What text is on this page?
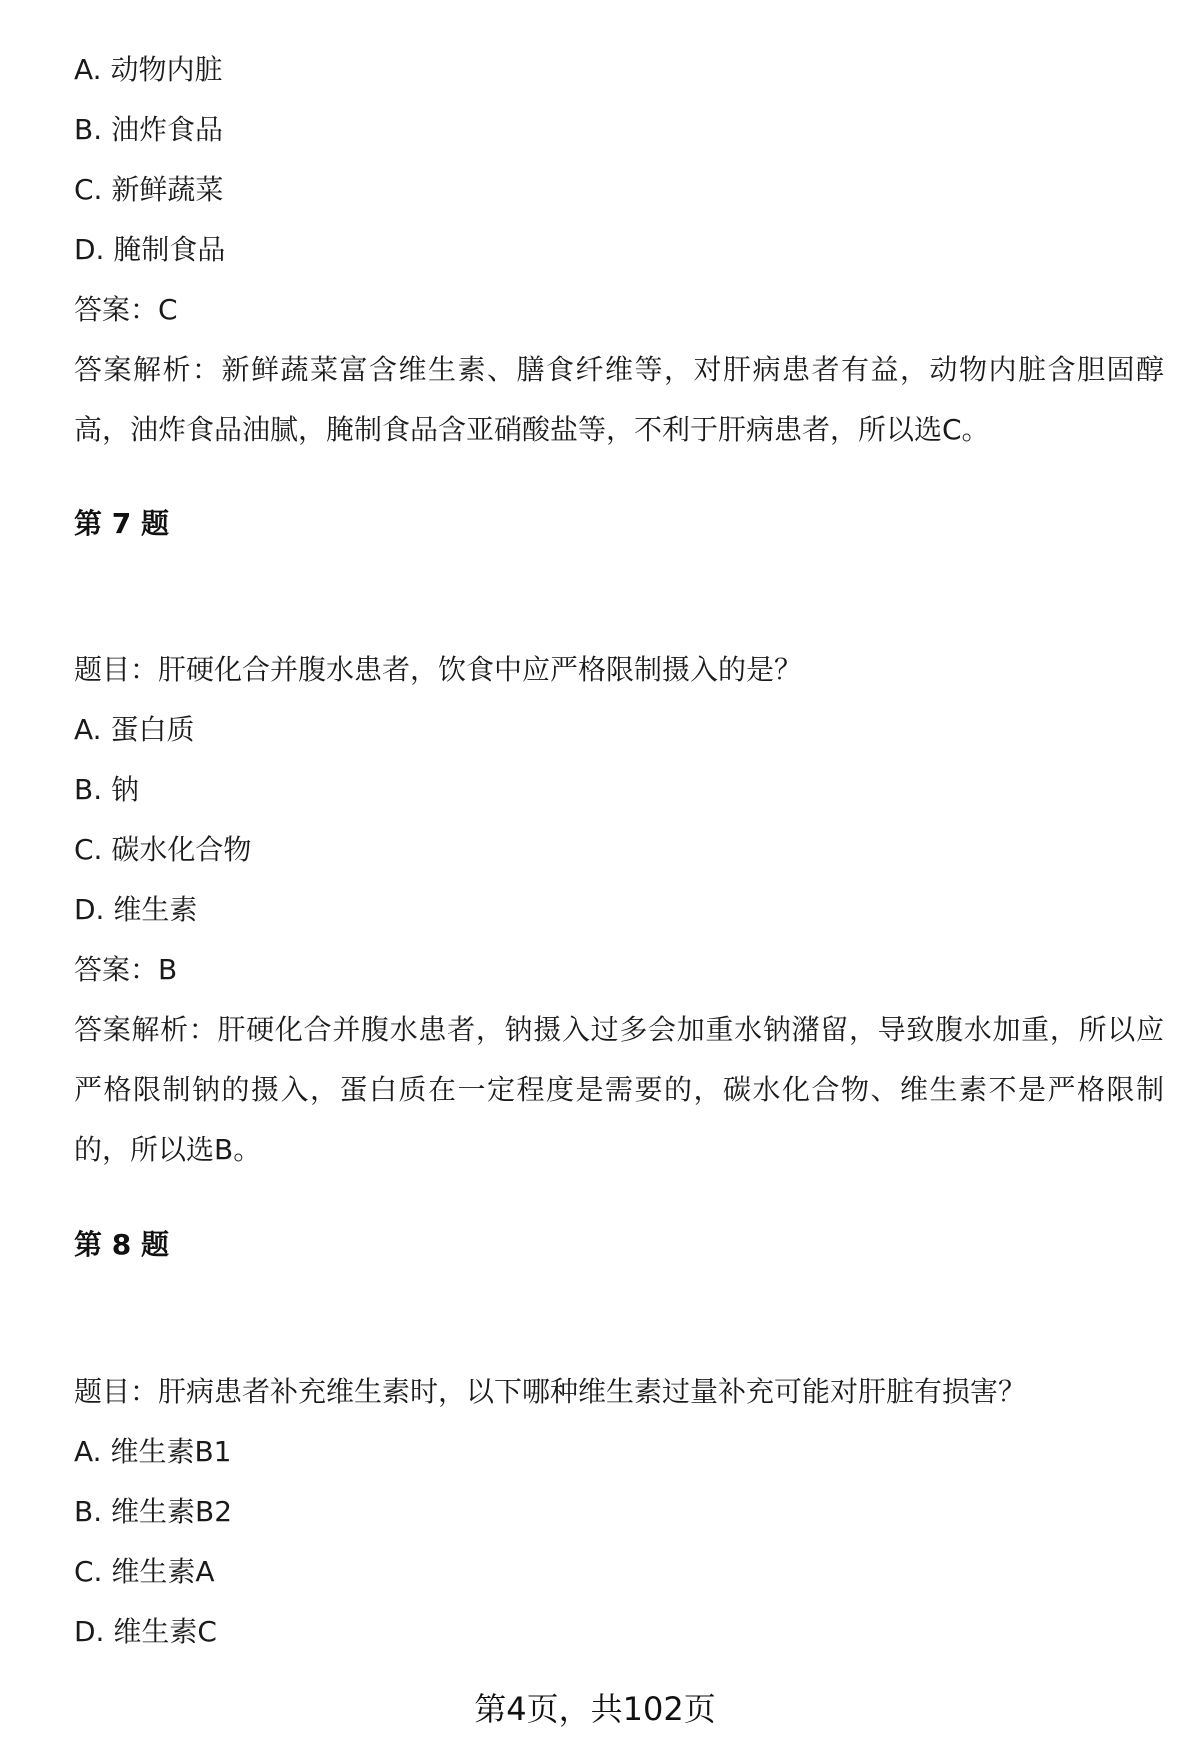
A. 动物内脏
B. 油炸食品
C. 新鲜蔬菜
D. 腌制食品
答案：C
答案解析：新鲜蔬菜富含维生素、膳食纤维等，对肝病患者有益，动物内脏含胆固醇高，油炸食品油腻，腌制食品含亚硝酸盐等，不利于肝病患者，所以选C。
第 7 题
题目：肝硬化合并腹水患者，饮食中应严格限制摄入的是？
A. 蛋白质
B. 钠
C. 碳水化合物
D. 维生素
答案：B
答案解析：肝硬化合并腹水患者，钠摄入过多会加重水钠潴留，导致腹水加重，所以应严格限制钠的摄入，蛋白质在一定程度是需要的，碳水化合物、维生素不是严格限制的，所以选B。
第 8 题
题目：肝病患者补充维生素时，以下哪种维生素过量补充可能对肝脏有损害？
A. 维生素B1
B. 维生素B2
C. 维生素A
D. 维生素C
第4页，共102页
